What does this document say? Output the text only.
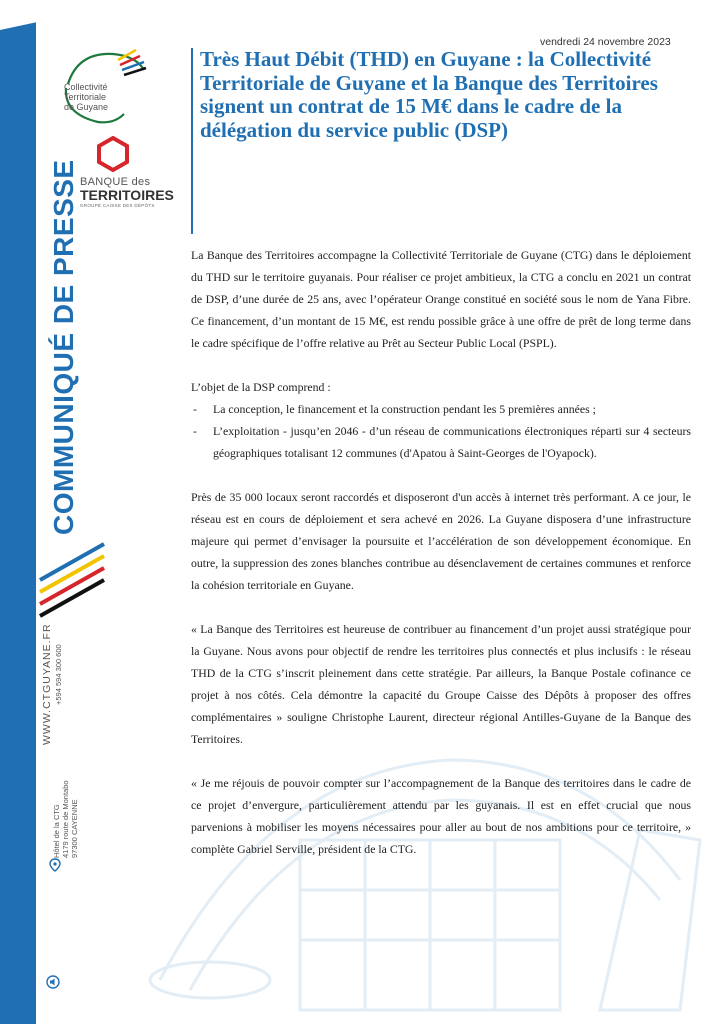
vendredi 24 novembre 2023
Collectivité
Territoriale
de Guyane
BANQUE des
TERRITOIRES
GROUPE CAISSE DES DÉPÔTS
Très Haut Débit (THD) en Guyane : la Collectivité Territoriale de Guyane et la Banque des Territoires signent un contrat de 15 M€ dans le cadre de la délégation du service public (DSP)
COMMUNIQUÉ DE PRESSE
WWW.CTGUYANE.FR +594 594 300 600
Hôtel de la CTG 4179 route de Montabo 97300 CAYENNE

La Banque des Territoires accompagne la Collectivité Territoriale de Guyane (CTG) dans le déploiement du THD sur le territoire guyanais. Pour réaliser ce projet ambitieux, la CTG a conclu en 2021 un contrat de DSP, d’une durée de 25 ans, avec l’opérateur Orange constitué en société sous le nom de Yana Fibre. Ce financement, d’un montant de 15 M€, est rendu possible grâce à une offre de prêt de long terme dans le cadre spécifique de l’offre relative au Prêt au Secteur Public Local (PSPL).

L’objet de la DSP comprend :
- La conception, le financement et la construction pendant les 5 premières années ;
- L’exploitation - jusqu’en 2046 - d’un réseau de communications électroniques réparti sur 4 secteurs géographiques totalisant 12 communes (d'Apatou à Saint-Georges de l'Oyapock).

Près de 35 000 locaux seront raccordés et disposeront d'un accès à internet très performant. A ce jour, le réseau est en cours de déploiement et sera achevé en 2026. La Guyane disposera d’une infrastructure majeure qui permet d’envisager la poursuite et l’accélération de son développement économique. En outre, la suppression des zones blanches contribue au désenclavement de certaines communes et renforce la cohésion territoriale en Guyane.

« La Banque des Territoires est heureuse de contribuer au financement d’un projet aussi stratégique pour la Guyane. Nous avons pour objectif de rendre les territoires plus connectés et plus inclusifs : le réseau THD de la CTG s’inscrit pleinement dans cette stratégie. Par ailleurs, la Banque Postale cofinance ce projet à nos côtés. Cela démontre la capacité du Groupe Caisse des Dépôts à proposer des offres complémentaires » souligne Christophe Laurent, directeur régional Antilles-Guyane de la Banque des Territoires.

« Je me réjouis de pouvoir compter sur l’accompagnement de la Banque des territoires dans le cadre de ce projet d’envergure, particulièrement attendu par les guyanais. Il est en effet crucial que nous parvenions à mobiliser les moyens nécessaires pour aller au bout de nos ambitions pour ce territoire, » complète Gabriel Serville, président de la CTG.
